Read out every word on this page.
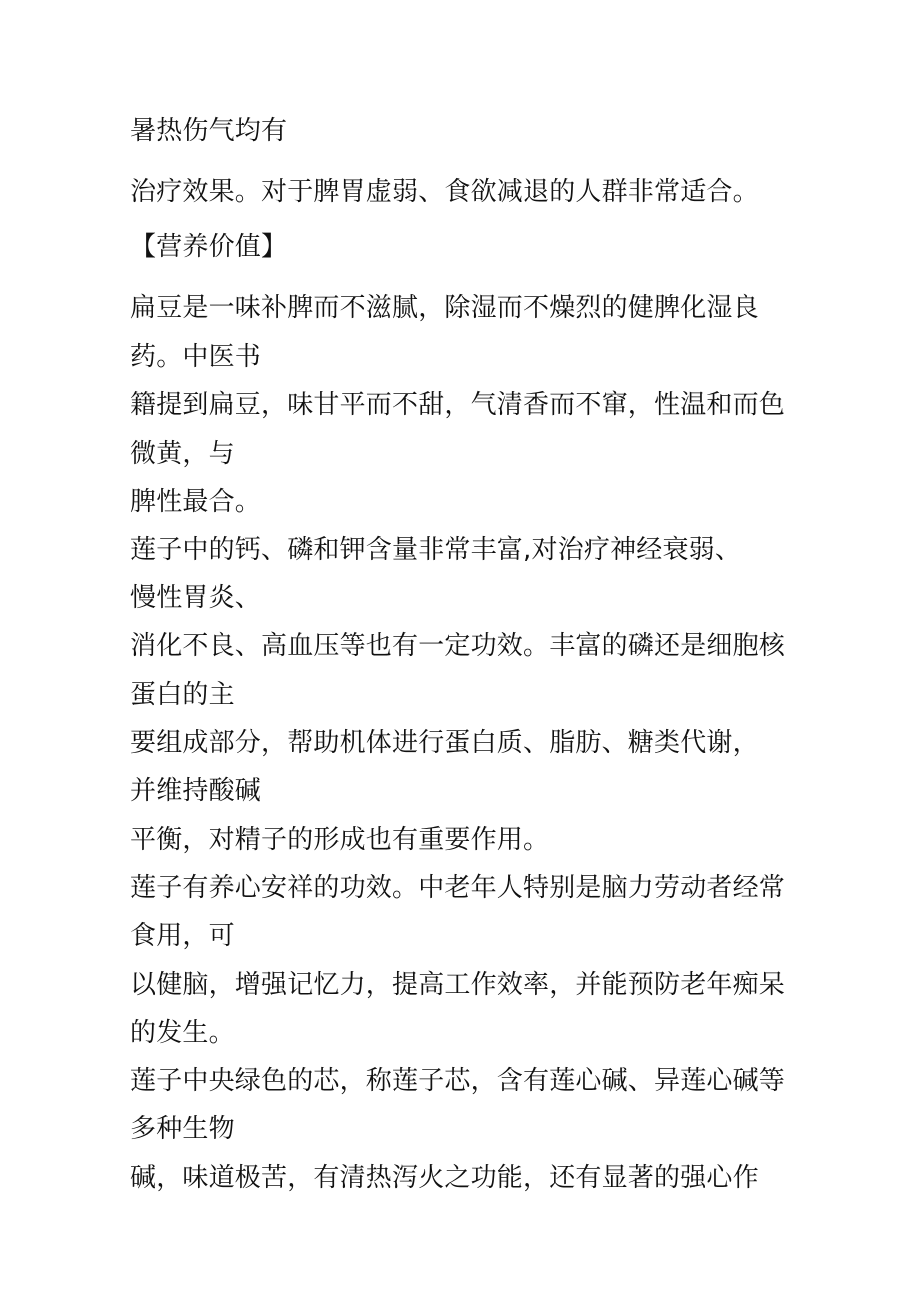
暑热伤气均有
治疗效果。对于脾胃虚弱、食欲减退的人群非常适合。
【营养价值】
扁豆是一味补脾而不滋腻，除湿而不燥烈的健脾化湿良
药。中医书
籍提到扁豆，味甘平而不甜，气清香而不窜，性温和而色
微黄，与
脾性最合。
莲子中的钙、磷和钾含量非常丰富,对治疗神经衰弱、
慢性胃炎、
消化不良、高血压等也有一定功效。丰富的磷还是细胞核
蛋白的主
要组成部分，帮助机体进行蛋白质、脂肪、糖类代谢，
并维持酸碱
平衡，对精子的形成也有重要作用。
莲子有养心安祥的功效。中老年人特别是脑力劳动者经常
食用，可
以健脑，增强记忆力，提高工作效率，并能预防老年痴呆
的发生。
莲子中央绿色的芯，称莲子芯，含有莲心碱、异莲心碱等
多种生物
碱，味道极苦，有清热泻火之功能，还有显著的强心作
